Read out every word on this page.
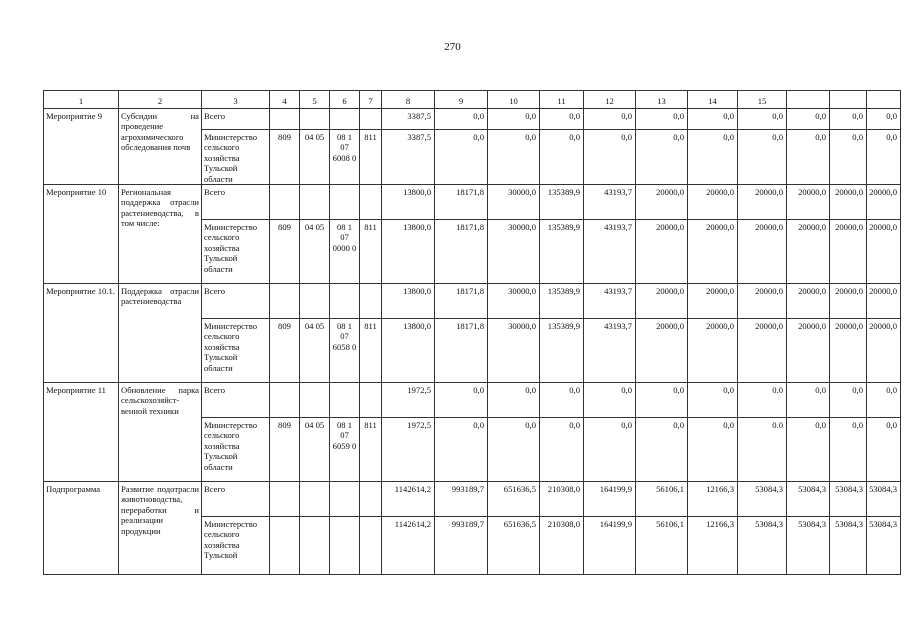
270
1	2	3	4	5	6	7	8	9	10	11	12	13	14	15			
Мероприятие 9	Субсидии на проведение агрохимического обследования почв	Всего					3387,5	0,0	0,0	0,0	0,0	0,0	0,0	0,0	0,0	0,0	0,0
		Министерство сельского хозяйства Тульской области	809	04 05	08 1 07 6008 0	811	3387,5	0,0	0,0	0,0	0,0	0,0	0,0	0,0	0,0	0,0	0,0
Мероприятие 10	Региональная поддержка отрасли растениеводства, в том числе:	Всего					13800,0	18171,8	30000,0	135389,9	43193,7	20000,0	20000,0	20000,0	20000,0	20000,0	20000,0
		Министерство сельского хозяйства Тульской области	809	04 05	08 1 07 0000 0	811	13800,0	18171,8	30000,0	135389,9	43193,7	20000,0	20000,0	20000,0	20000,0	20000,0	20000,0
Мероприятие 10.1.	Поддержка отрасли растениеводства	Всего					13800,0	18171,8	30000,0	135389,9	43193,7	20000,0	20000,0	20000,0	20000,0	20000,0	20000,0
		Министерство сельского хозяйства Тульской области	809	04 05	08 1 07 6058 0	811	13800,0	18171,8	30000,0	135389,9	43193,7	20000,0	20000,0	20000,0	20000,0	20000,0	20000,0
Мероприятие 11	Обновление парка сельскохозяйст-венной техники	Всего					1972,5	0,0	0,0	0,0	0,0	0,0	0,0	0.0	0,0	0,0	0,0
		Министерство сельского хозяйства Тульской области	809	04 05	08 1 07 6059 0	811	1972,5	0,0	0,0	0,0	0,0	0,0	0,0	0.0	0,0	0,0	0,0
Подпрограмма	Развитие подотрасли животноводства, переработки и реализации продукции	Всего					1142614,2	993189,7	651636,5	210308,0	164199,9	56106,1	12166,3	53084,3	53084,3	53084,3	53084,3
		Министерство сельского хозяйства Тульской					1142614,2	993189,7	651636,5	210308,0	164199,9	56106,1	12166,3	53084,3	53084,3	53084,3	53084,3
